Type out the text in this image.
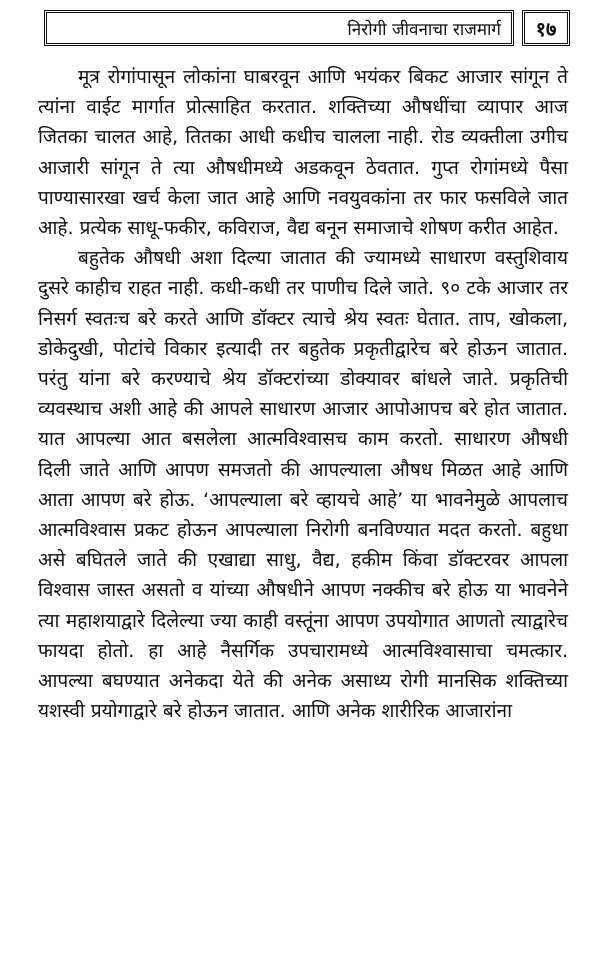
निरोगी जीवनाचा राजमार्ग १७

मूत्र रोगांपासून लोकांना घाबरवून आणि भयंकर बिकट आजार सांगून ते त्यांना वाईट मार्गात प्रोत्साहित करतात. शक्तिच्या औषधींचा व्यापार आज जितका चालत आहे, तितका आधी कधीच चालला नाही. रोड व्यक्तीला उगीच आजारी सांगून ते त्या औषधीमध्ये अडकवून ठेवतात. गुप्त रोगांमध्ये पैसा पाण्यासारखा खर्च केला जात आहे आणि नवयुवकांना तर फार फसविले जात आहे. प्रत्येक साधू-फकीर, कविराज, वैद्य बनून समाजाचे शोषण करीत आहेत.

बहुतेक औषधी अशा दिल्या जातात की ज्यामध्ये साधारण वस्तुशिवाय दुसरे काहीच राहत नाही. कधी-कधी तर पाणीच दिले जाते. ९० टके आजार तर निसर्ग स्वतःच बरे करते आणि डॉक्टर त्याचे श्रेय स्वतः घेतात. ताप, खोकला, डोकेदुखी, पोटांचे विकार इत्यादी तर बहुतेक प्रकृतीद्वारेच बरे होऊन जातात. परंतु यांना बरे करण्याचे श्रेय डॉक्टरांच्या डोक्यावर बांधले जाते. प्रकृतिची व्यवस्थाच अशी आहे की आपले साधारण आजार आपोआपच बरे होत जातात. यात आपल्या आत बसलेला आत्मविश्वासच काम करतो. साधारण औषधी दिली जाते आणि आपण समजतो की आपल्याला औषध मिळत आहे आणि आता आपण बरे होऊ. ‘आपल्याला बरे व्हायचे आहे’ या भावनेमुळे आपलाच आत्मविश्वास प्रकट होऊन आपल्याला निरोगी बनविण्यात मदत करतो. बहुधा असे बघितले जाते की एखाद्या साधु, वैद्य, हकीम किंवा डॉक्टरवर आपला विश्वास जास्त असतो व यांच्या औषधीने आपण नक्कीच बरे होऊ या भावनेने त्या महाशयाद्वारे दिलेल्या ज्या काही वस्तूंना आपण उपयोगात आणतो त्याद्वारेच फायदा होतो. हा आहे नैसर्गिक उपचारामध्ये आत्मविश्वासाचा चमत्कार. आपल्या बघण्यात अनेकदा येते की अनेक असाध्य रोगी मानसिक शक्तिच्या यशस्वी प्रयोगाद्वारे बरे होऊन जातात. आणि अनेक शारीरिक आजारांना
